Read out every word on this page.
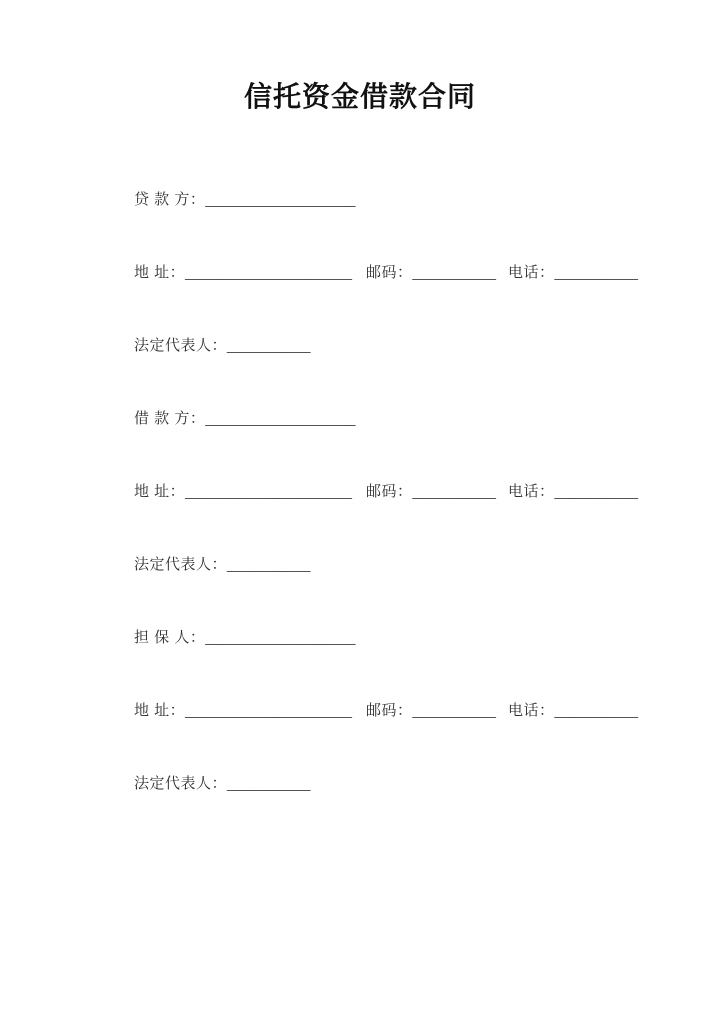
信托资金借款合同

贷 款 方：__________________

地 址：____________________ 邮码：__________ 电话：__________

法定代表人：__________

借 款 方：__________________

地 址：____________________ 邮码：__________ 电话：__________

法定代表人：__________

担 保 人：__________________

地 址：____________________ 邮码：__________ 电话：__________

法定代表人：__________
